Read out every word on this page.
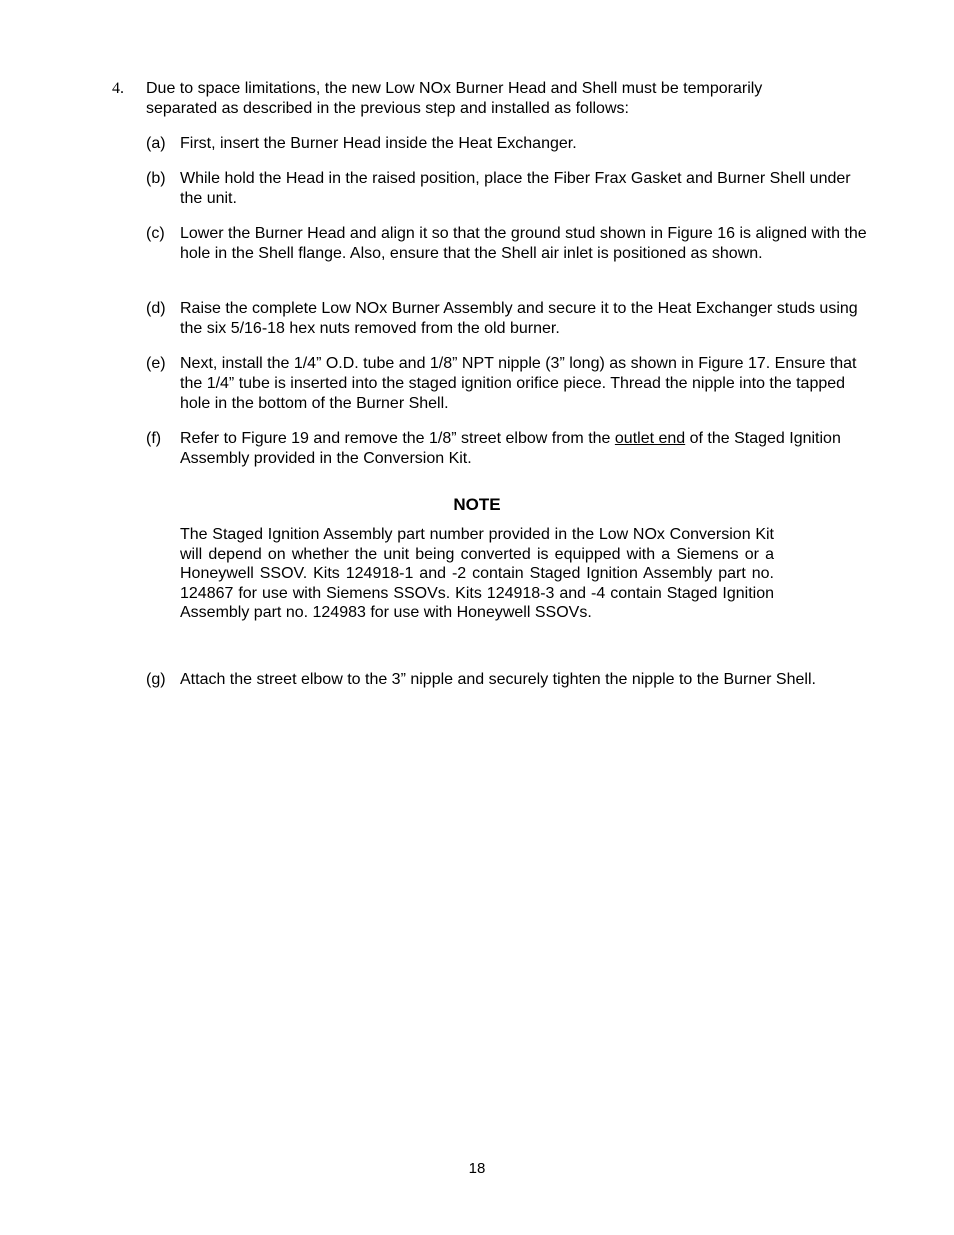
4. Due to space limitations, the new Low NOx Burner Head and Shell must be temporarily separated as described in the previous step and installed as follows:
(a) First, insert the Burner Head inside the Heat Exchanger.
(b) While hold the Head in the raised position, place the Fiber Frax Gasket and Burner Shell under the unit.
(c) Lower the Burner Head and align it so that the ground stud shown in Figure 16 is aligned with the hole in the Shell flange. Also, ensure that the Shell air inlet is positioned as shown.
(d) Raise the complete Low NOx Burner Assembly and secure it to the Heat Exchanger studs using the six 5/16-18 hex nuts removed from the old burner.
(e) Next, install the 1/4” O.D. tube and 1/8” NPT nipple (3” long) as shown in Figure 17. Ensure that the 1/4” tube is inserted into the staged ignition orifice piece. Thread the nipple into the tapped hole in the bottom of the Burner Shell.
(f) Refer to Figure 19 and remove the 1/8” street elbow from the outlet end of the Staged Ignition Assembly provided in the Conversion Kit.
NOTE
The Staged Ignition Assembly part number provided in the Low NOx Conversion Kit will depend on whether the unit being converted is equipped with a Siemens or a Honeywell SSOV. Kits 124918-1 and -2 contain Staged Ignition Assembly part no. 124867 for use with Siemens SSOVs. Kits 124918-3 and -4 contain Staged Ignition Assembly part no. 124983 for use with Honeywell SSOVs.
(g) Attach the street elbow to the 3” nipple and securely tighten the nipple to the Burner Shell.
18
